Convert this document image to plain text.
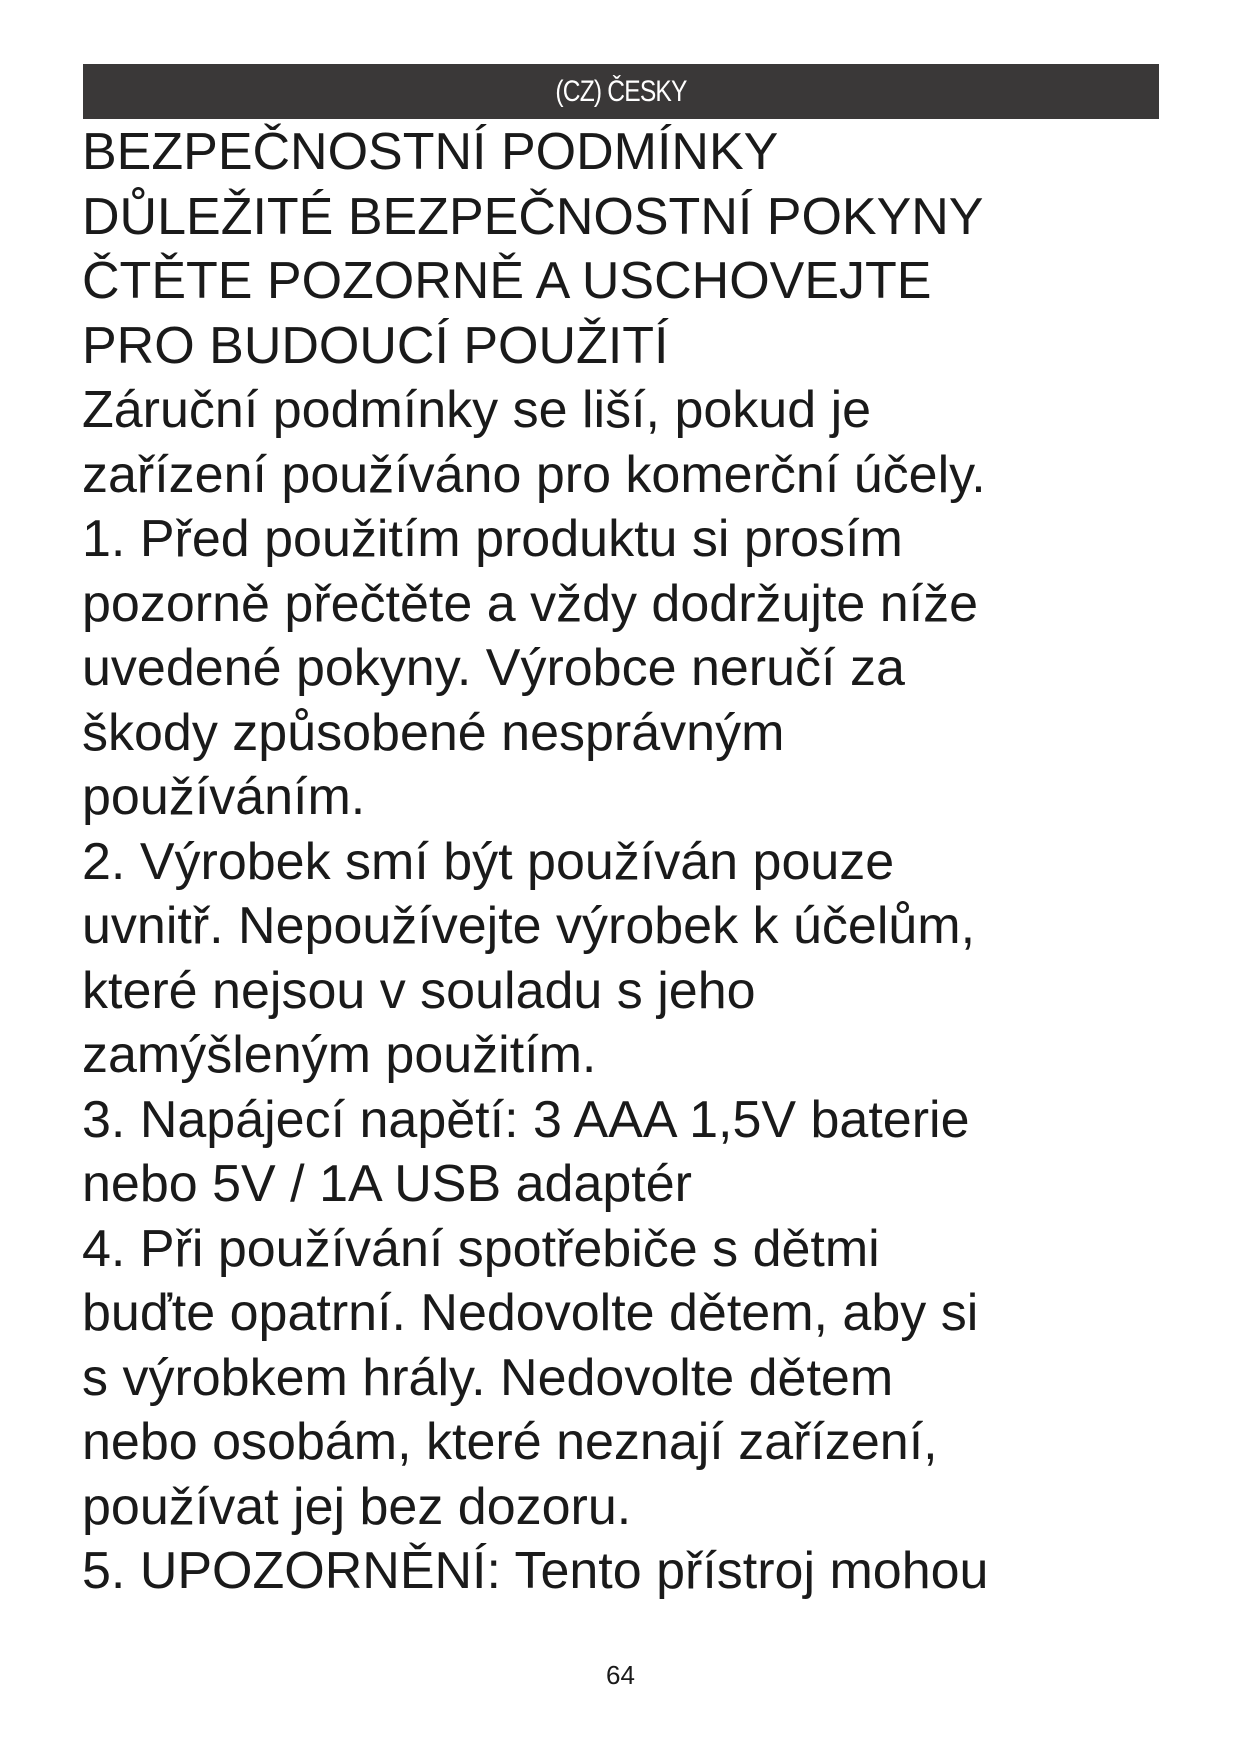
(CZ) ČESKY
BEZPEČNOSTNÍ PODMÍNKY
DŮLEŽITÉ BEZPEČNOSTNÍ POKYNY
ČTĚTE POZORNĚ A USCHOVEJTE
PRO BUDOUCÍ POUŽITÍ
Záruční podmínky se liší, pokud je
zařízení používáno pro komerční účely.
1. Před použitím produktu si prosím
pozorně přečtěte a vždy dodržujte níže
uvedené pokyny. Výrobce neručí za
škody způsobené nesprávným
používáním.
2. Výrobek smí být používán pouze
uvnitř. Nepoužívejte výrobek k účelům,
které nejsou v souladu s jeho
zamýšleným použitím.
3. Napájecí napětí: 3 AAA 1,5V baterie
nebo 5V / 1A USB adaptér
4. Při používání spotřebiče s dětmi
buďte opatrní. Nedovolte dětem, aby si
s výrobkem hrály. Nedovolte dětem
nebo osobám, které neznají zařízení,
používat jej bez dozoru.
5. UPOZORNĚNÍ: Tento přístroj mohou
64
